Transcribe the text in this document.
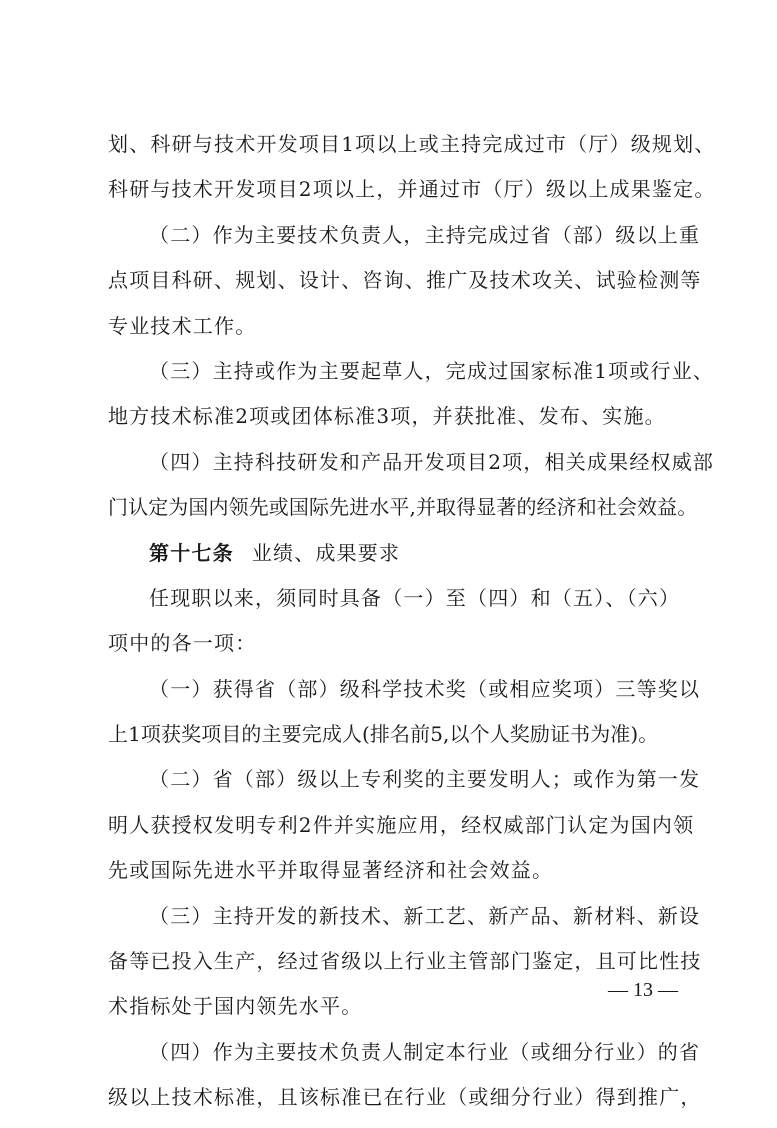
划、科研与技术开发项目1项以上或主持完成过市（厅）级规划、
科研与技术开发项目2项以上，并通过市（厅）级以上成果鉴定。
（二）作为主要技术负责人，主持完成过省（部）级以上重
点项目科研、规划、设计、咨询、推广及技术攻关、试验检测等
专业技术工作。
（三）主持或作为主要起草人，完成过国家标准1项或行业、
地方技术标准2项或团体标准3项，并获批准、发布、实施。
（四）主持科技研发和产品开发项目2项，相关成果经权威部
门认定为国内领先或国际先进水平,并取得显著的经济和社会效益。
第十七条 业绩、成果要求
任现职以来，须同时具备（一）至（四）和（五）、（六）
项中的各一项：
（一）获得省（部）级科学技术奖（或相应奖项）三等奖以
上1项获奖项目的主要完成人(排名前5,以个人奖励证书为准)。
（二）省（部）级以上专利奖的主要发明人；或作为第一发
明人获授权发明专利2件并实施应用，经权威部门认定为国内领
先或国际先进水平并取得显著经济和社会效益。
（三）主持开发的新技术、新工艺、新产品、新材料、新设
备等已投入生产，经过省级以上行业主管部门鉴定，且可比性技
术指标处于国内领先水平。
（四）作为主要技术负责人制定本行业（或细分行业）的省
级以上技术标准，且该标准已在行业（或细分行业）得到推广，
— 13 —
